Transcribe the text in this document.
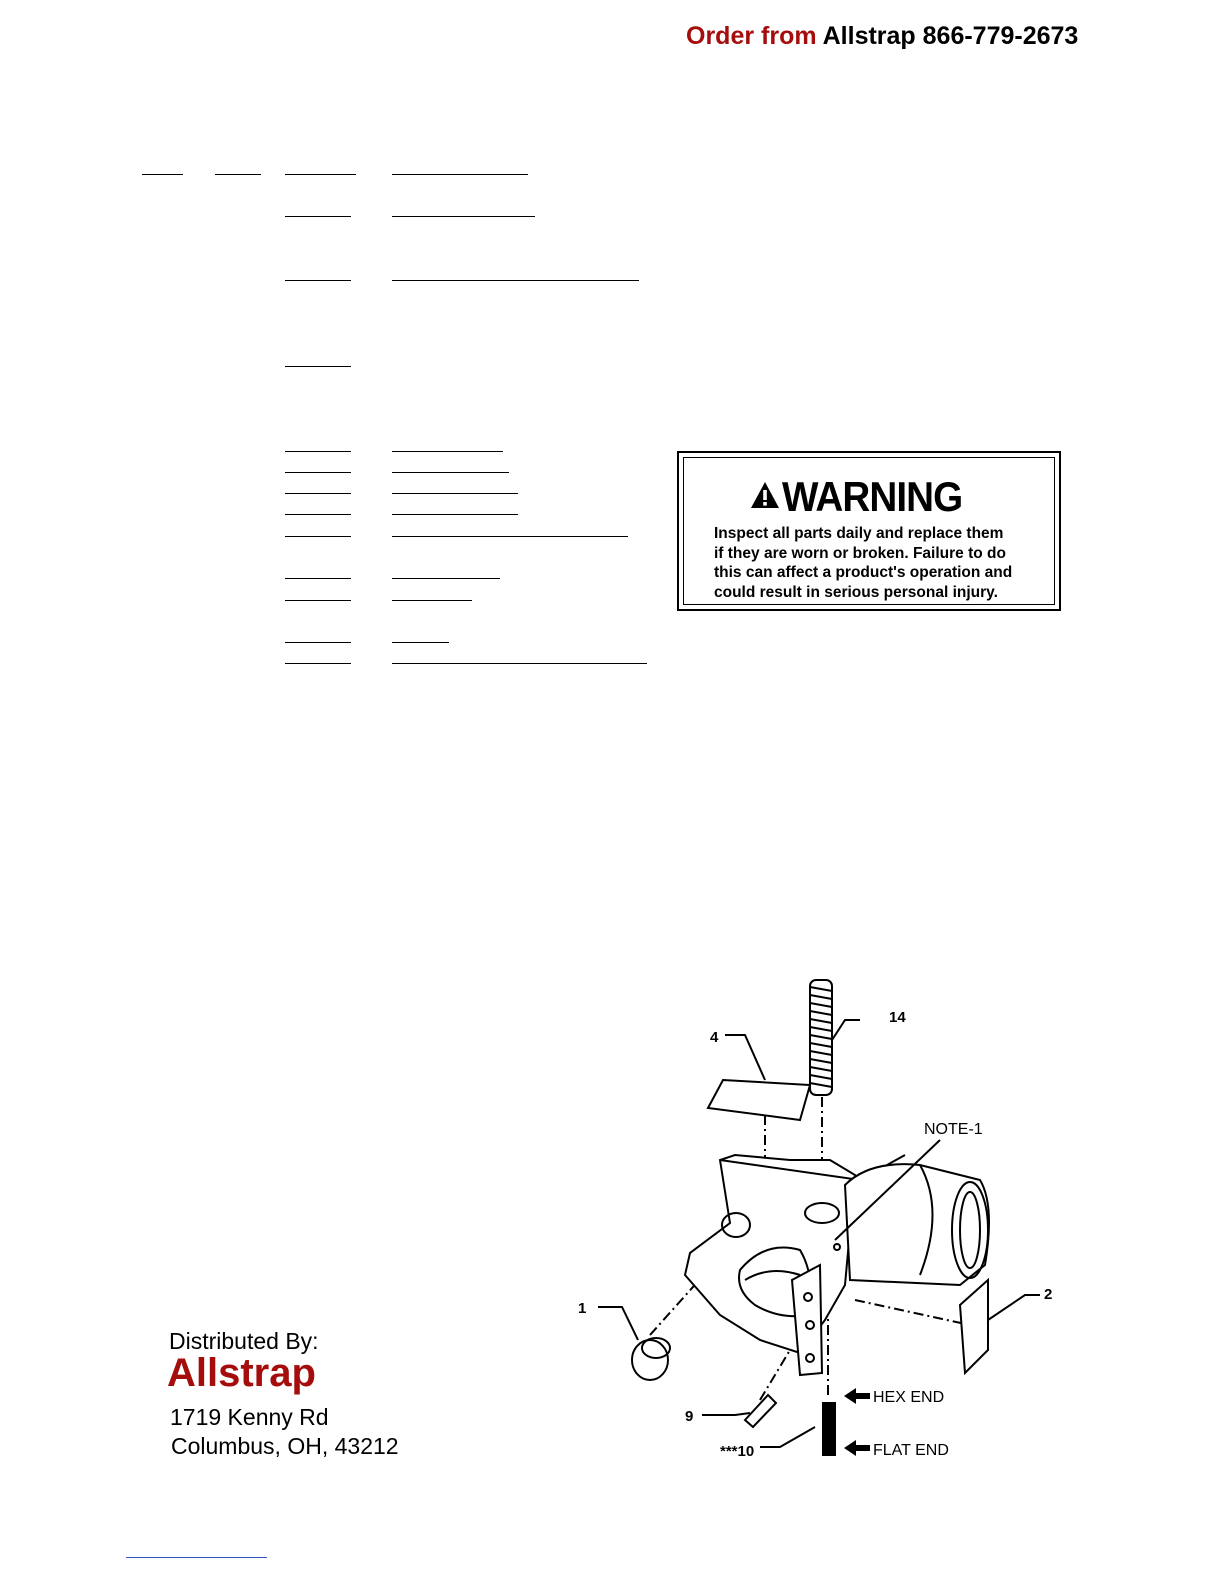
Order from Allstrap 866-779-2673
WARNING
Inspect all parts daily and replace them
if they are worn or broken. Failure to do
this can affect a product's operation and
could result in serious personal injury.
Distributed By:
Allstrap
1719 Kenny Rd
Columbus, OH, 43212
14
4
NOTE-1
1
2
9
***10
HEX END
FLAT END
